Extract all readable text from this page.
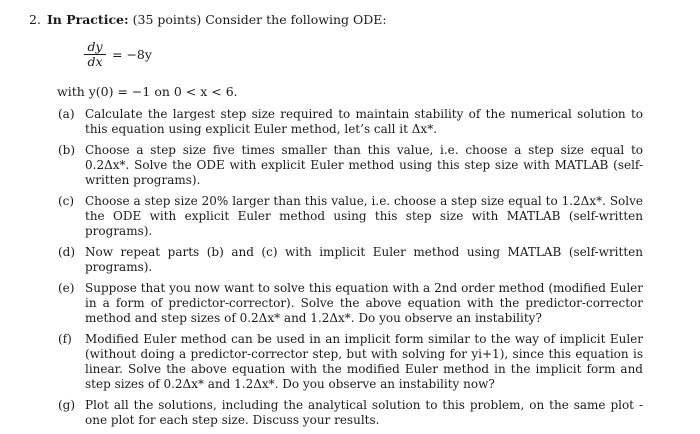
2. In Practice: (35 points) Consider the following ODE:
$\frac{dy}{dx} = -8y$
with y(0) = −1 on 0 < x < 6.
(a) Calculate the largest step size required to maintain stability of the numerical solution to this equation using explicit Euler method, let’s call it Δx*.
(b) Choose a step size five times smaller than this value, i.e. choose a step size equal to 0.2Δx*. Solve the ODE with explicit Euler method using this step size with MATLAB (self-written programs).
(c) Choose a step size 20% larger than this value, i.e. choose a step size equal to 1.2Δx*. Solve the ODE with explicit Euler method using this step size with MATLAB (self-written programs).
(d) Now repeat parts (b) and (c) with implicit Euler method using MATLAB (self-written programs).
(e) Suppose that you now want to solve this equation with a 2nd order method (modified Euler in a form of predictor-corrector). Solve the above equation with the predictor-corrector method and step sizes of 0.2Δx* and 1.2Δx*. Do you observe an instability?
(f)	Modified Euler method can be used in an implicit form similar to the way of implicit Euler (without doing a predictor-corrector step, but with solving for yi+1), since this equation is linear. Solve the above equation with the modified Euler method in the implicit form and step sizes of 0.2Δx* and 1.2Δx*. Do you observe an instability now?
(g) Plot all the solutions, including the analytical solution to this problem, on the same plot - one plot for each step size. Discuss your results.
